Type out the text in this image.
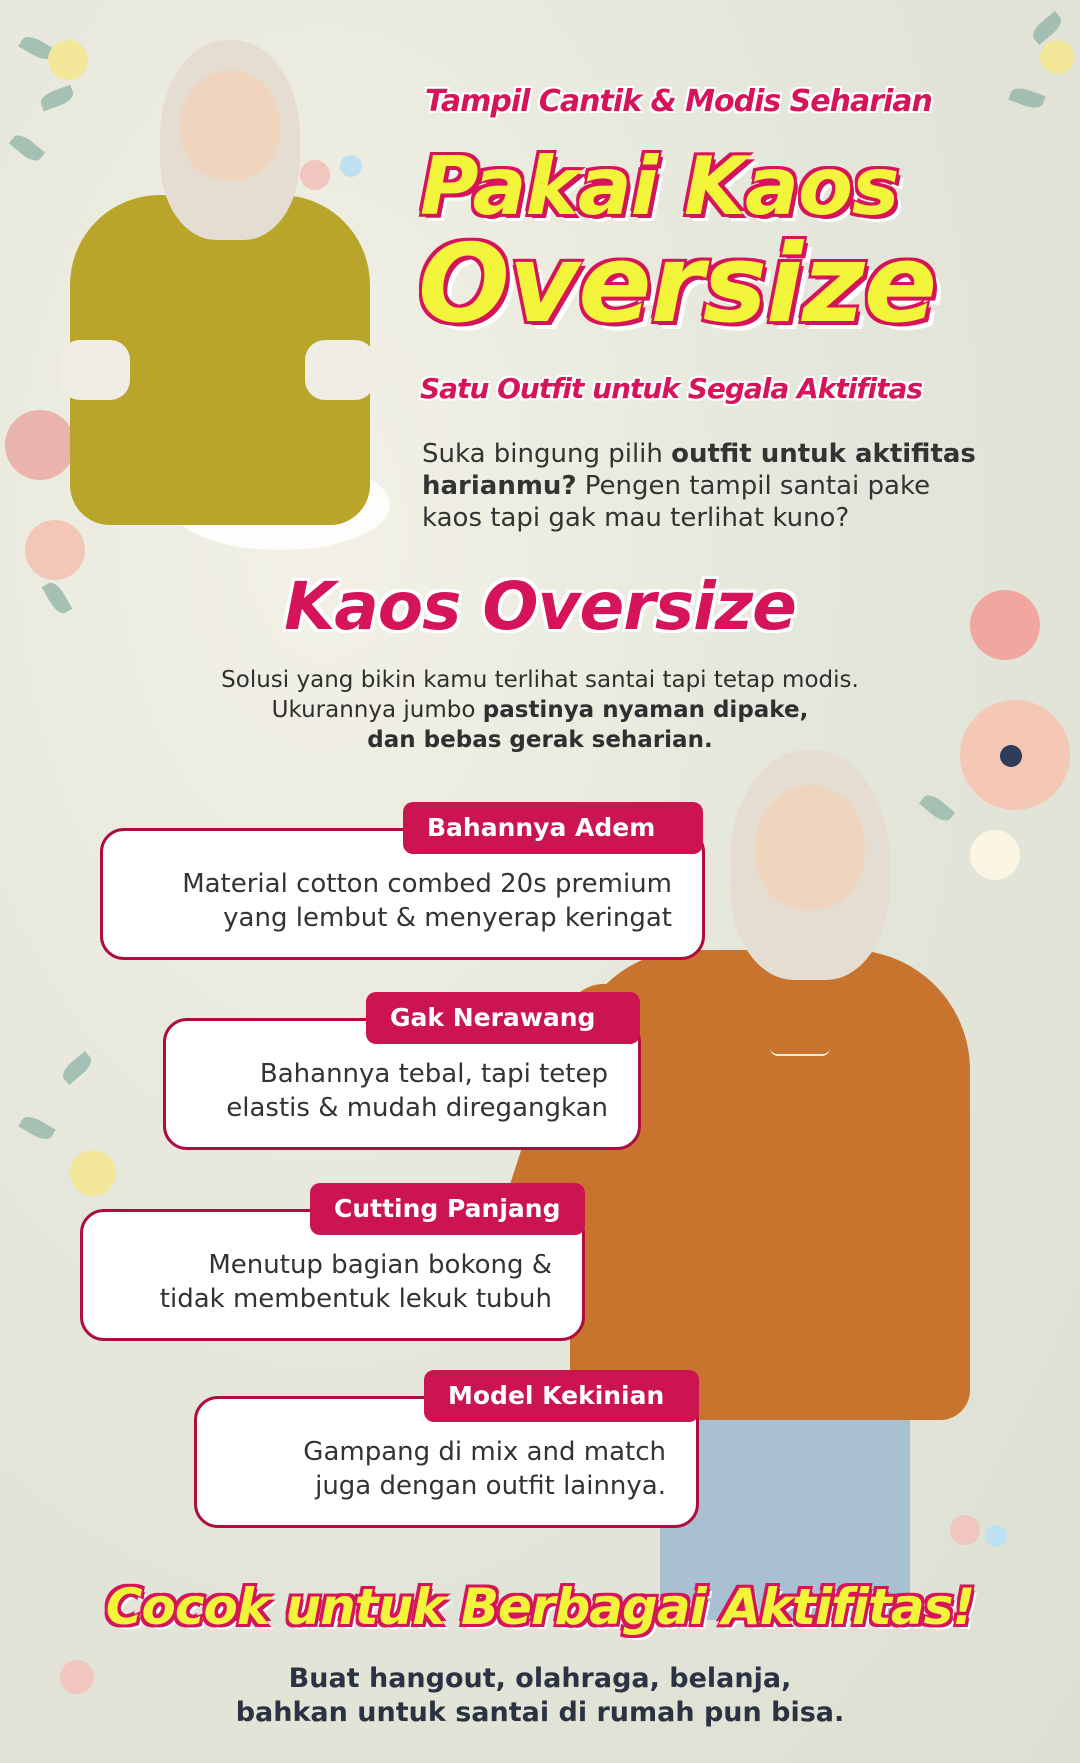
Tampil Cantik & Modis Seharian
Pakai Kaos
Oversize
Satu Outfit untuk Segala Aktifitas
Suka bingung pilih outfit untuk aktifitas harianmu? Pengen tampil santai pake kaos tapi gak mau terlihat kuno?
Kaos Oversize
Solusi yang bikin kamu terlihat santai tapi tetap modis.
Ukurannya jumbo pastinya nyaman dipake,
dan bebas gerak seharian.
Material cotton combed 20s premium
yang lembut & menyerap keringat
Bahannya Adem
Bahannya tebal, tapi tetep
elastis & mudah diregangkan
Gak Nerawang
Menutup bagian bokong &
tidak membentuk lekuk tubuh
Cutting Panjang
Gampang di mix and match
juga dengan outfit lainnya.
Model Kekinian
Cocok untuk Berbagai Aktifitas!
Buat hangout, olahraga, belanja,
bahkan untuk santai di rumah pun bisa.
